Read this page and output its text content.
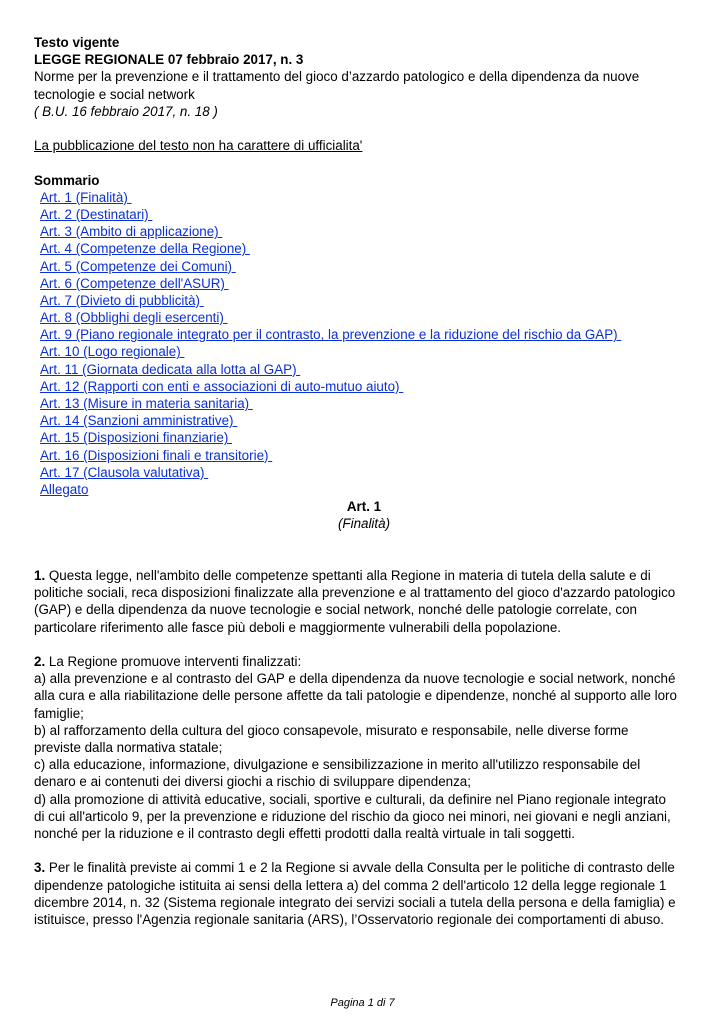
Testo vigente
LEGGE REGIONALE 07 febbraio 2017, n. 3
Norme per la prevenzione e il trattamento del gioco d’azzardo patologico e della dipendenza da nuove
tecnologie e social network
( B.U. 16 febbraio 2017, n. 18 )
La pubblicazione del testo non ha carattere di ufficialita'
Sommario
Art. 1 (Finalità)
Art. 2 (Destinatari)
Art. 3 (Ambito di applicazione)
Art. 4 (Competenze della Regione)
Art. 5 (Competenze dei Comuni)
Art. 6 (Competenze dell'ASUR)
Art. 7 (Divieto di pubblicità)
Art. 8 (Obblighi degli esercenti)
Art. 9 (Piano regionale integrato per il contrasto, la prevenzione e la riduzione del rischio da GAP)
Art. 10 (Logo regionale)
Art. 11 (Giornata dedicata alla lotta al GAP)
Art. 12 (Rapporti con enti e associazioni di auto-mutuo aiuto)
Art. 13 (Misure in materia sanitaria)
Art. 14 (Sanzioni amministrative)
Art. 15 (Disposizioni finanziarie)
Art. 16 (Disposizioni finali e transitorie)
Art. 17 (Clausola valutativa)
Allegato
Art. 1
(Finalità)
1. Questa legge, nell'ambito delle competenze spettanti alla Regione in materia di tutela della salute e di
politiche sociali, reca disposizioni finalizzate alla prevenzione e al trattamento del gioco d'azzardo patologico
(GAP) e della dipendenza da nuove tecnologie e social network, nonché delle patologie correlate, con
particolare riferimento alle fasce più deboli e maggiormente vulnerabili della popolazione.
2. La Regione promuove interventi finalizzati:
a) alla prevenzione e al contrasto del GAP e della dipendenza da nuove tecnologie e social network, nonché
alla cura e alla riabilitazione delle persone affette da tali patologie e dipendenze, nonché al supporto alle loro
famiglie;
b) al rafforzamento della cultura del gioco consapevole, misurato e responsabile, nelle diverse forme
previste dalla normativa statale;
c) alla educazione, informazione, divulgazione e sensibilizzazione in merito all'utilizzo responsabile del
denaro e ai contenuti dei diversi giochi a rischio di sviluppare dipendenza;
d) alla promozione di attività educative, sociali, sportive e culturali, da definire nel Piano regionale integrato
di cui all'articolo 9, per la prevenzione e riduzione del rischio da gioco nei minori, nei giovani e negli anziani,
nonché per la riduzione e il contrasto degli effetti prodotti dalla realtà virtuale in tali soggetti.
3. Per le finalità previste ai commi 1 e 2 la Regione si avvale della Consulta per le politiche di contrasto delle
dipendenze patologiche istituita ai sensi della lettera a) del comma 2 dell'articolo 12 della legge regionale 1
dicembre 2014, n. 32 (Sistema regionale integrato dei servizi sociali a tutela della persona e della famiglia) e
istituisce, presso l'Agenzia regionale sanitaria (ARS), l’Osservatorio regionale dei comportamenti di abuso.
Pagina 1 di 7
